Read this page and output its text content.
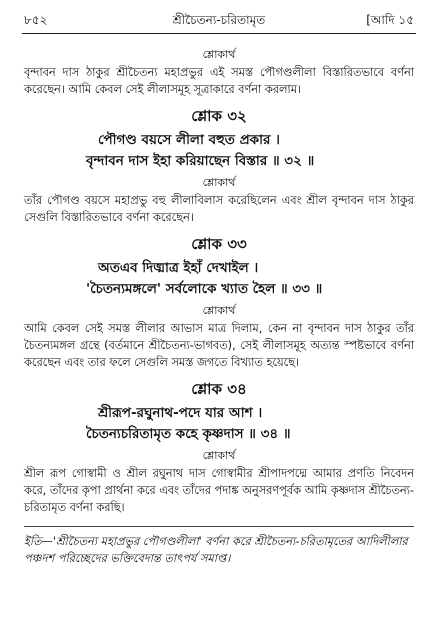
৮৫২	শ্রীচৈতন্য-চরিতামৃত	[আদি ১৫
শ্লোকার্থ

বৃন্দাবন দাস ঠাকুর শ্রীচৈতন্য মহাপ্রভুর এই সমস্ত পৌগণ্ডলীলা বিস্তারিতভাবে বর্ণনা করেছেন। আমি কেবল সেই লীলাসমূহ সূত্রাকারে বর্ণনা করলাম।

শ্লোক ৩২
পৌগণ্ড বয়সে লীলা বহুত প্রকার ।
বৃন্দাবন দাস ইহা করিয়াছেন বিস্তার ॥ ৩২ ॥
শ্লোকার্থ

তাঁর পৌগণ্ড বয়সে মহাপ্রভু বহু লীলাবিলাস করেছিলেন এবং শ্রীল বৃন্দাবন দাস ঠাকুর সেগুলি বিস্তারিতভাবে বর্ণনা করেছেন।

শ্লোক ৩৩
অতএব দিঙ্মাত্র ইহাঁ দেখাইল ।
'চৈতন্যমঙ্গলে' সর্বলোকে খ্যাত হৈল ॥ ৩৩ ॥
শ্লোকার্থ

আমি কেবল সেই সমস্ত লীলার আভাস মাত্র দিলাম, কেন না বৃন্দাবন দাস ঠাকুর তাঁর চৈতন্যমঙ্গল গ্রন্থে (বর্তমানে শ্রীচৈতন্য-ভাগবত), সেই লীলাসমূহ অত্যন্ত স্পষ্টভাবে বর্ণনা করেছেন এবং তার ফলে সেগুলি সমস্ত জগতে বিখ্যাত হয়েছে।

শ্লোক ৩৪
শ্রীরূপ-রঘুনাথ-পদে যার আশ ।
চৈতন্যচরিতামৃত কহে কৃষ্ণদাস ॥ ৩৪ ॥
শ্লোকার্থ

শ্রীল রূপ গোস্বামী ও শ্রীল রঘুনাথ দাস গোস্বামীর শ্রীপাদপদ্মে আমার প্রণতি নিবেদন করে, তাঁদের কৃপা প্রার্থনা করে এবং তাঁদের পদাঙ্ক অনুসরণপূর্বক আমি কৃষ্ণদাস শ্রীচৈতন্য-চরিতামৃত বর্ণনা করছি।

ইতি—'শ্রীচৈতন্য মহাপ্রভুর পৌগণ্ডলীলা' বর্ণনা করে শ্রীচৈতন্য-চরিতামৃতের আদিলীলার পঞ্চদশ পরিচ্ছেদের ভক্তিবেদান্ত তাৎপর্য সমাপ্ত।
